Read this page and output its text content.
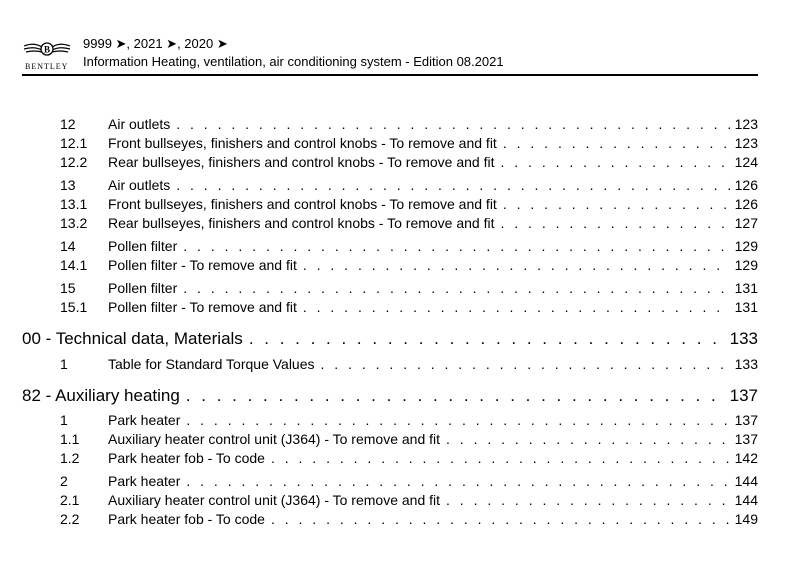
B
BENTLEY
9999 ➤, 2021 ➤, 2020 ➤
Information Heating, ventilation, air conditioning system - Edition 08.2021
12	Air outlets . . .	123
12.1	Front bullseyes, finishers and control knobs - To remove and fit . . .	123
12.2	Rear bullseyes, finishers and control knobs - To remove and fit . . .	124
13	Air outlets . . .	126
13.1	Front bullseyes, finishers and control knobs - To remove and fit . . .	126
13.2	Rear bullseyes, finishers and control knobs - To remove and fit . . .	127
14	Pollen filter . . .	129
14.1	Pollen filter - To remove and fit . . .	129
15	Pollen filter . . .	131
15.1	Pollen filter - To remove and fit . . .	131
00 - Technical data, Materials . . .	133
1	Table for Standard Torque Values . . .	133
82 - Auxiliary heating . . .	137
1	Park heater . . .	137
1.1	Auxiliary heater control unit (J364) - To remove and fit . . .	137
1.2	Park heater fob - To code . . .	142
2	Park heater . . .	144
2.1	Auxiliary heater control unit (J364) - To remove and fit . . .	144
2.2	Park heater fob - To code . . .	149
